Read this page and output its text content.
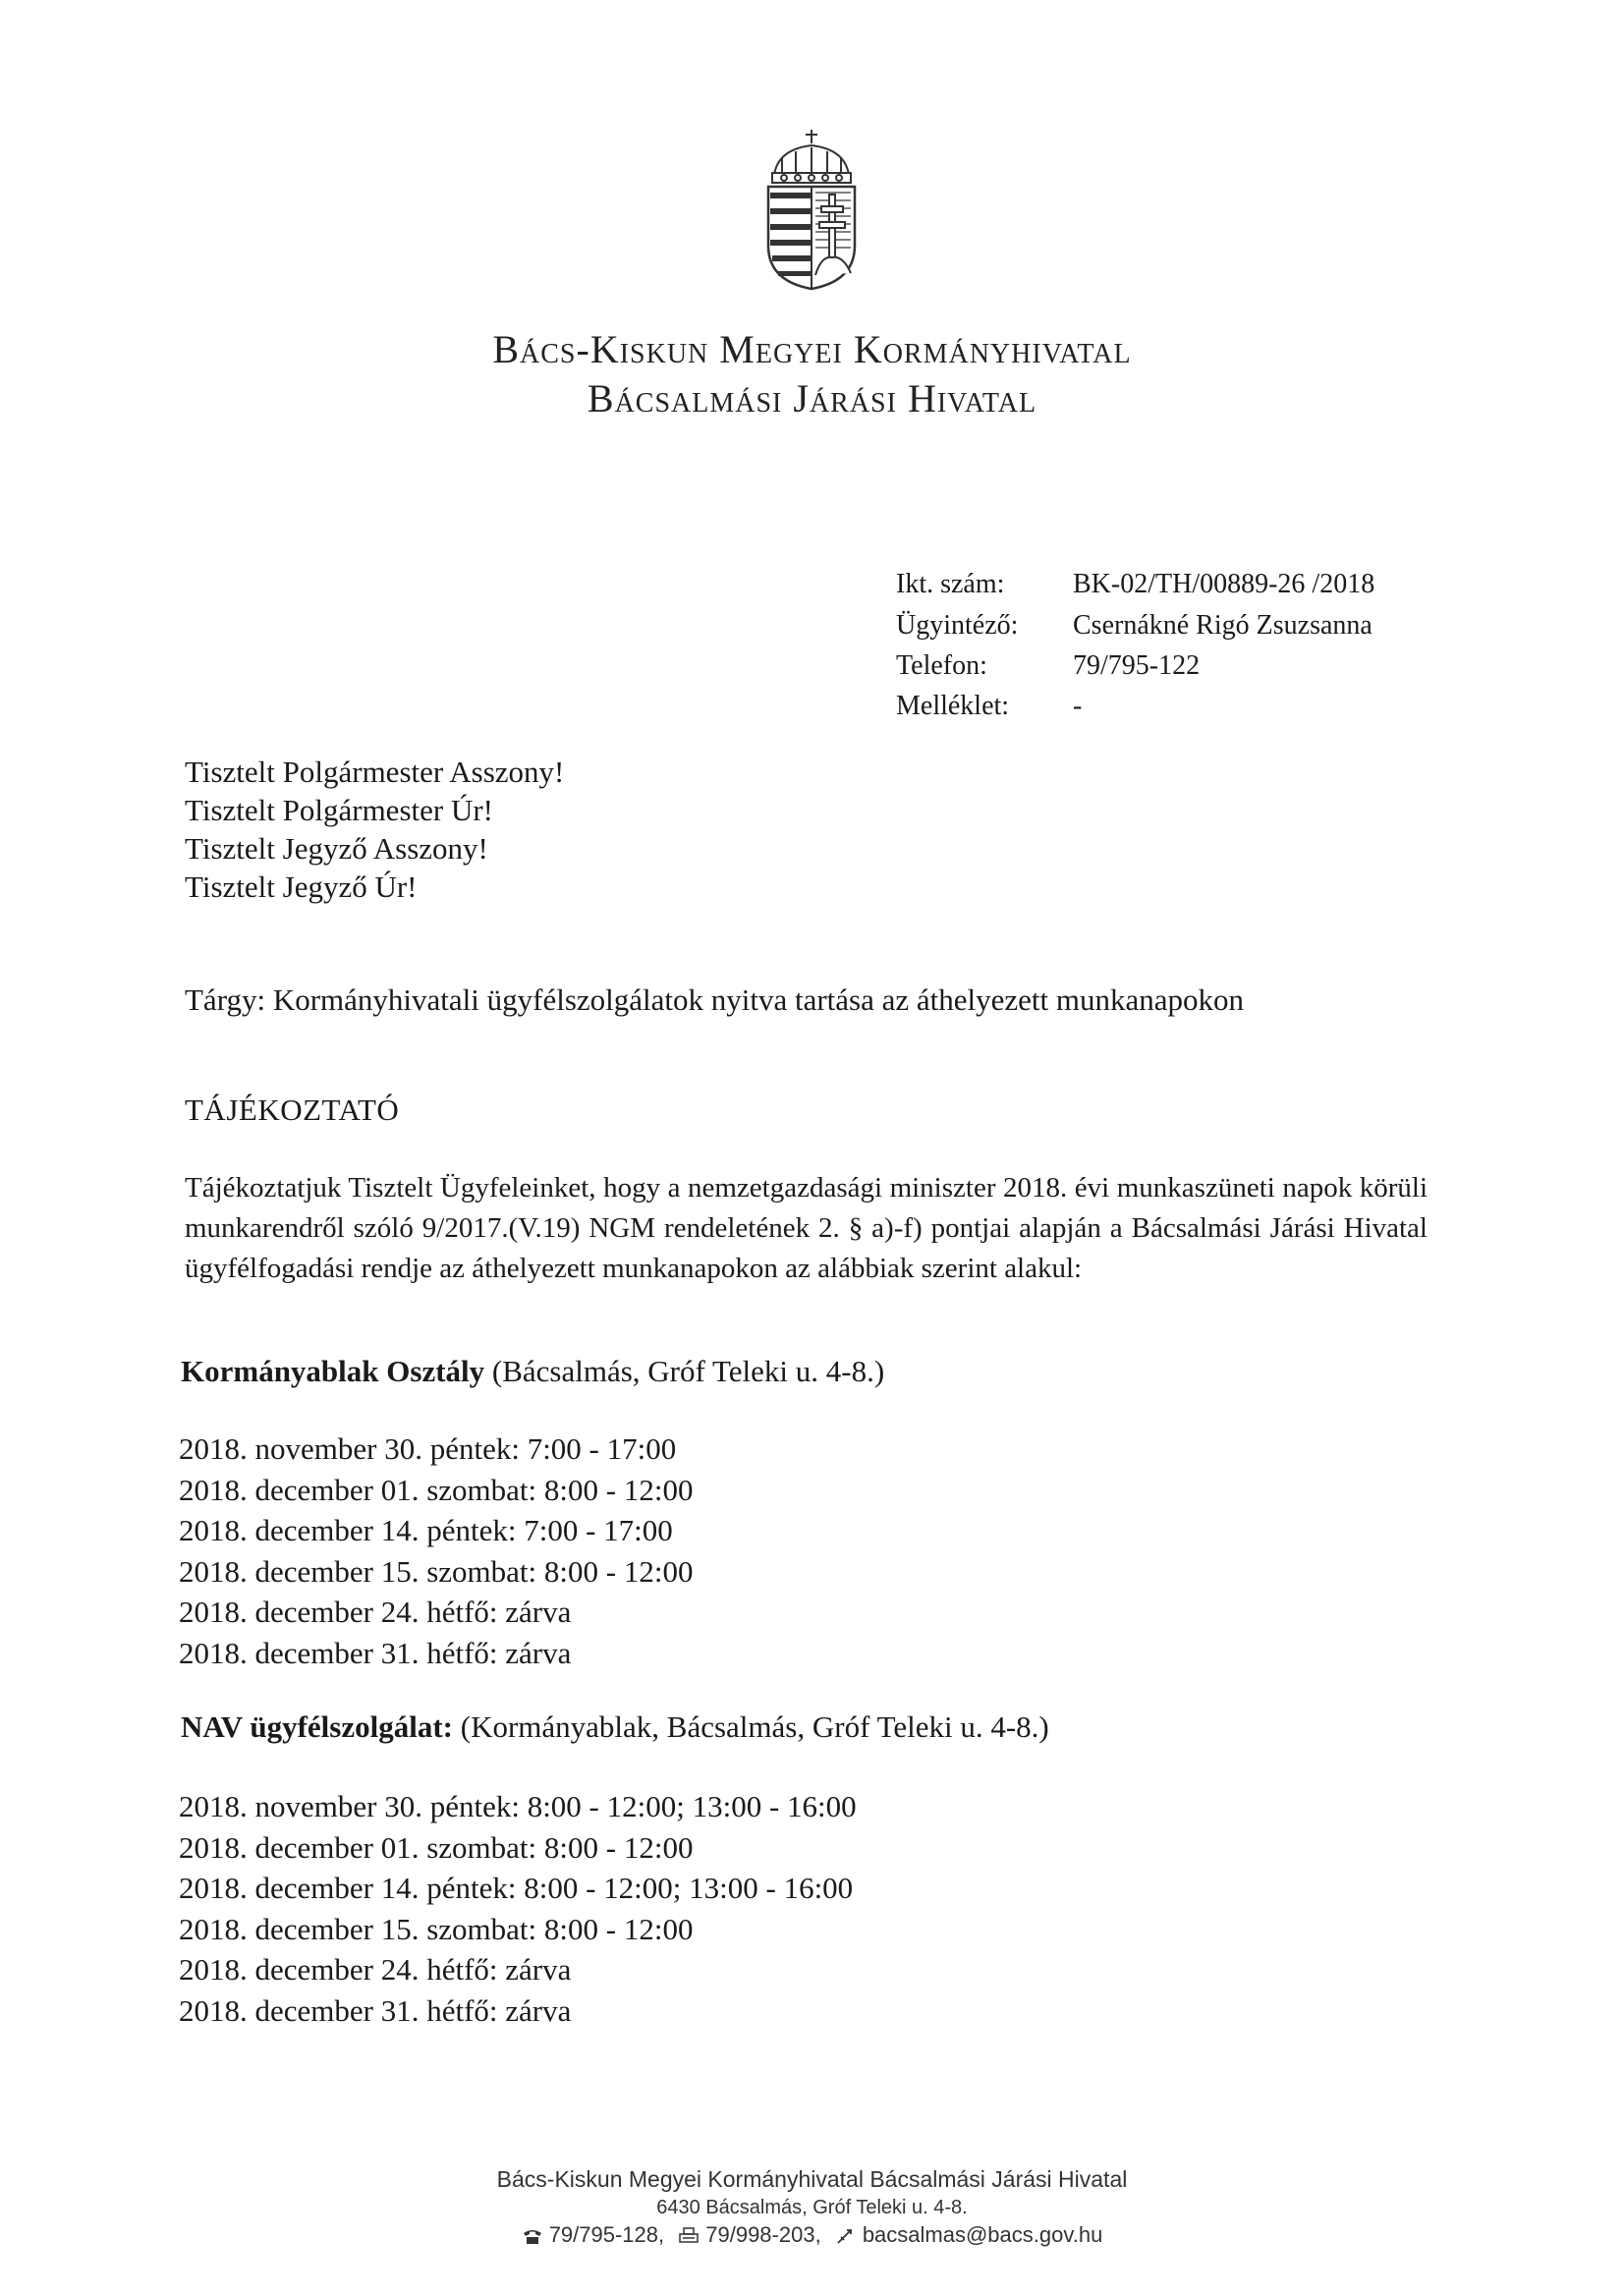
Bács-Kiskun Megyei Kormányhivatal
Bácsalmási Járási Hivatal
Ikt. szám:	BK-02/TH/00889-26 /2018
Ügyintéző:	Csernákné Rigó Zsuzsanna
Telefon:	79/795-122
Melléklet:	-
Tisztelt Polgármester Asszony!
Tisztelt Polgármester Úr!
Tisztelt Jegyző Asszony!
Tisztelt Jegyző Úr!
Tárgy: Kormányhivatali ügyfélszolgálatok nyitva tartása az áthelyezett munkanapokon
TÁJÉKOZTATÓ
Tájékoztatjuk Tisztelt Ügyfeleinket, hogy a nemzetgazdasági miniszter 2018. évi munkaszüneti napok körüli munkarendről szóló 9/2017.(V.19) NGM rendeletének 2. § a)-f) pontjai alapján a Bácsalmási Járási Hivatal ügyfélfogadási rendje az áthelyezett munkanapokon az alábbiak szerint alakul:
Kormányablak Osztály (Bácsalmás, Gróf Teleki u. 4-8.)
2018. november 30. péntek: 7:00 - 17:00
2018. december 01. szombat: 8:00 - 12:00
2018. december 14. péntek: 7:00 - 17:00
2018. december 15. szombat: 8:00 - 12:00
2018. december 24. hétfő: zárva
2018. december 31. hétfő: zárva
NAV ügyfélszolgálat: (Kormányablak, Bácsalmás, Gróf Teleki u. 4-8.)
2018. november 30. péntek: 8:00 - 12:00; 13:00 - 16:00
2018. december 01. szombat: 8:00 - 12:00
2018. december 14. péntek: 8:00 - 12:00; 13:00 - 16:00
2018. december 15. szombat: 8:00 - 12:00
2018. december 24. hétfő: zárva
2018. december 31. hétfő: zárva
Bács-Kiskun Megyei Kormányhivatal Bácsalmási Járási Hivatal
6430 Bácsalmás, Gróf Teleki u. 4-8.
79/795-128, 79/998-203, bacsalmas@bacs.gov.hu
